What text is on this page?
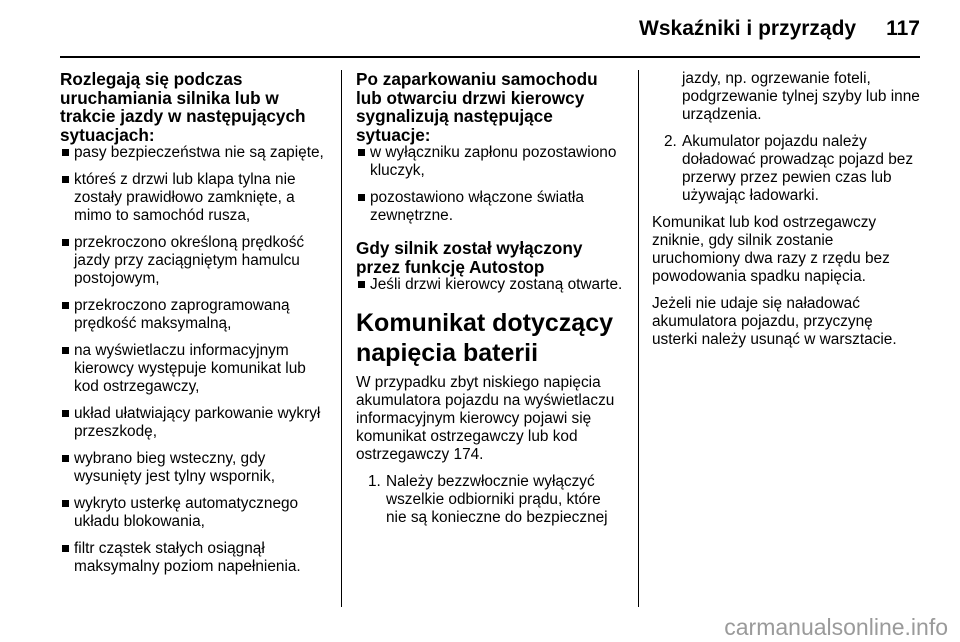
Wskaźniki i przyrządy 117
Rozlegają się podczas uruchamiania silnika lub w trakcie jazdy w następujących sytuacjach:
pasy bezpieczeństwa nie są zapięte,
któreś z drzwi lub klapa tylna nie zostały prawidłowo zamknięte, a mimo to samochód rusza,
przekroczono określoną prędkość jazdy przy zaciągniętym hamulcu postojowym,
przekroczono zaprogramowaną prędkość maksymalną,
na wyświetlaczu informacyjnym kierowcy występuje komunikat lub kod ostrzegawczy,
układ ułatwiający parkowanie wykrył przeszkodę,
wybrano bieg wsteczny, gdy wysunięty jest tylny wspornik,
wykryto usterkę automatycznego układu blokowania,
filtr cząstek stałych osiągnął maksymalny poziom napełnienia.
Po zaparkowaniu samochodu lub otwarciu drzwi kierowcy sygnalizują następujące sytuacje:
w wyłączniku zapłonu pozostawiono kluczyk,
pozostawiono włączone światła zewnętrzne.
Gdy silnik został wyłączony przez funkcję Autostop
Jeśli drzwi kierowcy zostaną otwarte.
Komunikat dotyczący napięcia baterii

W przypadku zbyt niskiego napięcia akumulatora pojazdu na wyświetlaczu informacyjnym kierowcy pojawi się komunikat ostrzegawczy lub kod ostrzegawczy 174.

1. Należy bezzwłocznie wyłączyć wszelkie odbiorniki prądu, które nie są konieczne do bezpiecznej
jazdy, np. ogrzewanie foteli, podgrzewanie tylnej szyby lub inne urządzenia.
2. Akumulator pojazdu należy doładować prowadząc pojazd bez przerwy przez pewien czas lub używając ładowarki.

Komunikat lub kod ostrzegawczy zniknie, gdy silnik zostanie uruchomiony dwa razy z rzędu bez powodowania spadku napięcia.

Jeżeli nie udaje się naładować akumulatora pojazdu, przyczynę usterki należy usunąć w warsztacie.

carmanualsonline.info
